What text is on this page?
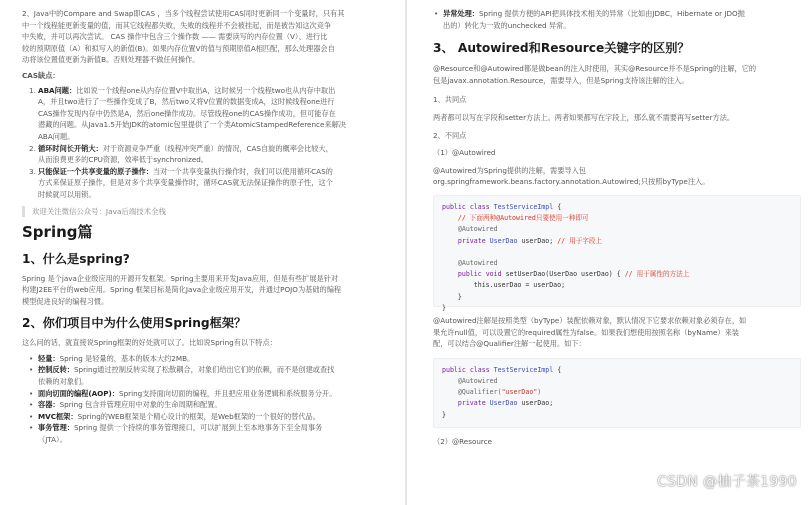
2、Java中的Compare and Swap即CAS ，当多个线程尝试使用CAS同时更新同一个变量时，只有其

中一个线程能更新变量的值，而其它线程都失败，失败的线程并不会被挂起，而是被告知这次竞争

中失败，并可以再次尝试。 CAS 操作中包含三个操作数 —— 需要读写的内存位置（V）、进行比

较的预期原值（A）和拟写入的新值(B)。如果内存位置V的值与预期原值A相匹配，那么处理器会自

动将该位置值更新为新值B。否则处理器不做任何操作。

CAS缺点：

1. ABA问题：比如说一个线程one从内存位置V中取出A，这时候另一个线程two也从内存中取出
A，并且two进行了一些操作变成了B，然后two又将V位置的数据变成A，这时候线程one进行
CAS操作发现内存中仍然是A，然后one操作成功。尽管线程one的CAS操作成功，但可能存在
潜藏的问题。从Java1.5开始JDK的atomic包里提供了一个类AtomicStampedReference来解决
ABA问题。
2. 循环时间长开销大：对于资源竞争严重（线程冲突严重）的情况，CAS自旋的概率会比较大，
从而浪费更多的CPU资源，效率低于synchronized。
3. 只能保证一个共享变量的原子操作：当对一个共享变量执行操作时，我们可以使用循环CAS的
方式来保证原子操作，但是对多个共享变量操作时，循环CAS就无法保证操作的原子性，这个
时候就可以用锁。
欢迎关注微信公众号：Java后端技术全栈
Spring篇
1、什么是spring?

Spring 是个java企业级应用的开源开发框架。Spring主要用来开发Java应用，但是有些扩展是针对

构建J2EE平台的web应用。Spring 框架目标是简化Java企业级应用开发，并通过POJO为基础的编程

模型促进良好的编程习惯。

2、你们项目中为什么使用Spring框架？

这么问的话，就直接说Spring框架的好处就可以了。比如说Spring有以下特点：

• 轻量：Spring 是轻量的，基本的版本大约2MB。
• 控制反转：Spring通过控制反转实现了松散耦合，对象们给出它们的依赖，而不是创建或查找
依赖的对象们。
• 面向切面的编程(AOP)：Spring支持面向切面的编程，并且把应用业务逻辑和系统服务分开。
• 容器：Spring 包含并管理应用中对象的生命周期和配置。
• MVC框架：Spring的WEB框架是个精心设计的框架，是Web框架的一个很好的替代品。
• 事务管理：Spring 提供一个持续的事务管理接口，可以扩展到上至本地事务下至全局事务
（JTA）。
• 异常处理：Spring 提供方便的API把具体技术相关的异常（比如由JDBC，Hibernate or JDO抛
出的）转化为一致的unchecked 异常。
3、 Autowired和Resource关键字的区别？

@Resource和@Autowired都是做bean的注入时使用，其实@Resource并不是Spring的注解，它的

包是javax.annotation.Resource，需要导入，但是Spring支持该注解的注入。

1、共同点

两者都可以写在字段和setter方法上。两者如果都写在字段上，那么就不需要再写setter方法。

2、不同点

（1）@Autowired

@Autowired为Spring提供的注解，需要导入包

org.springframework.beans.factory.annotation.Autowired;只按照byType注入。

public class TestServiceImpl {
// 下面两种@Autowired只要使用一种即可
@Autowired
private UserDao userDao; // 用于字段上

@Autowired
public void setUserDao(UserDao userDao) { // 用于属性的方法上
this.userDao = userDao;
}
}

@Autowired注解是按照类型（byType）装配依赖对象，默认情况下它要求依赖对象必须存在，如

果允许null值，可以设置它的required属性为false。如果我们想使用按照名称（byName）来装

配，可以结合@Qualifier注解一起使用。如下：

public class TestServiceImpl {
@Autowired
@Qualifier("userDao")
private UserDao userDao;
}

（2）@Resource

CSDN @柚子茶1990
